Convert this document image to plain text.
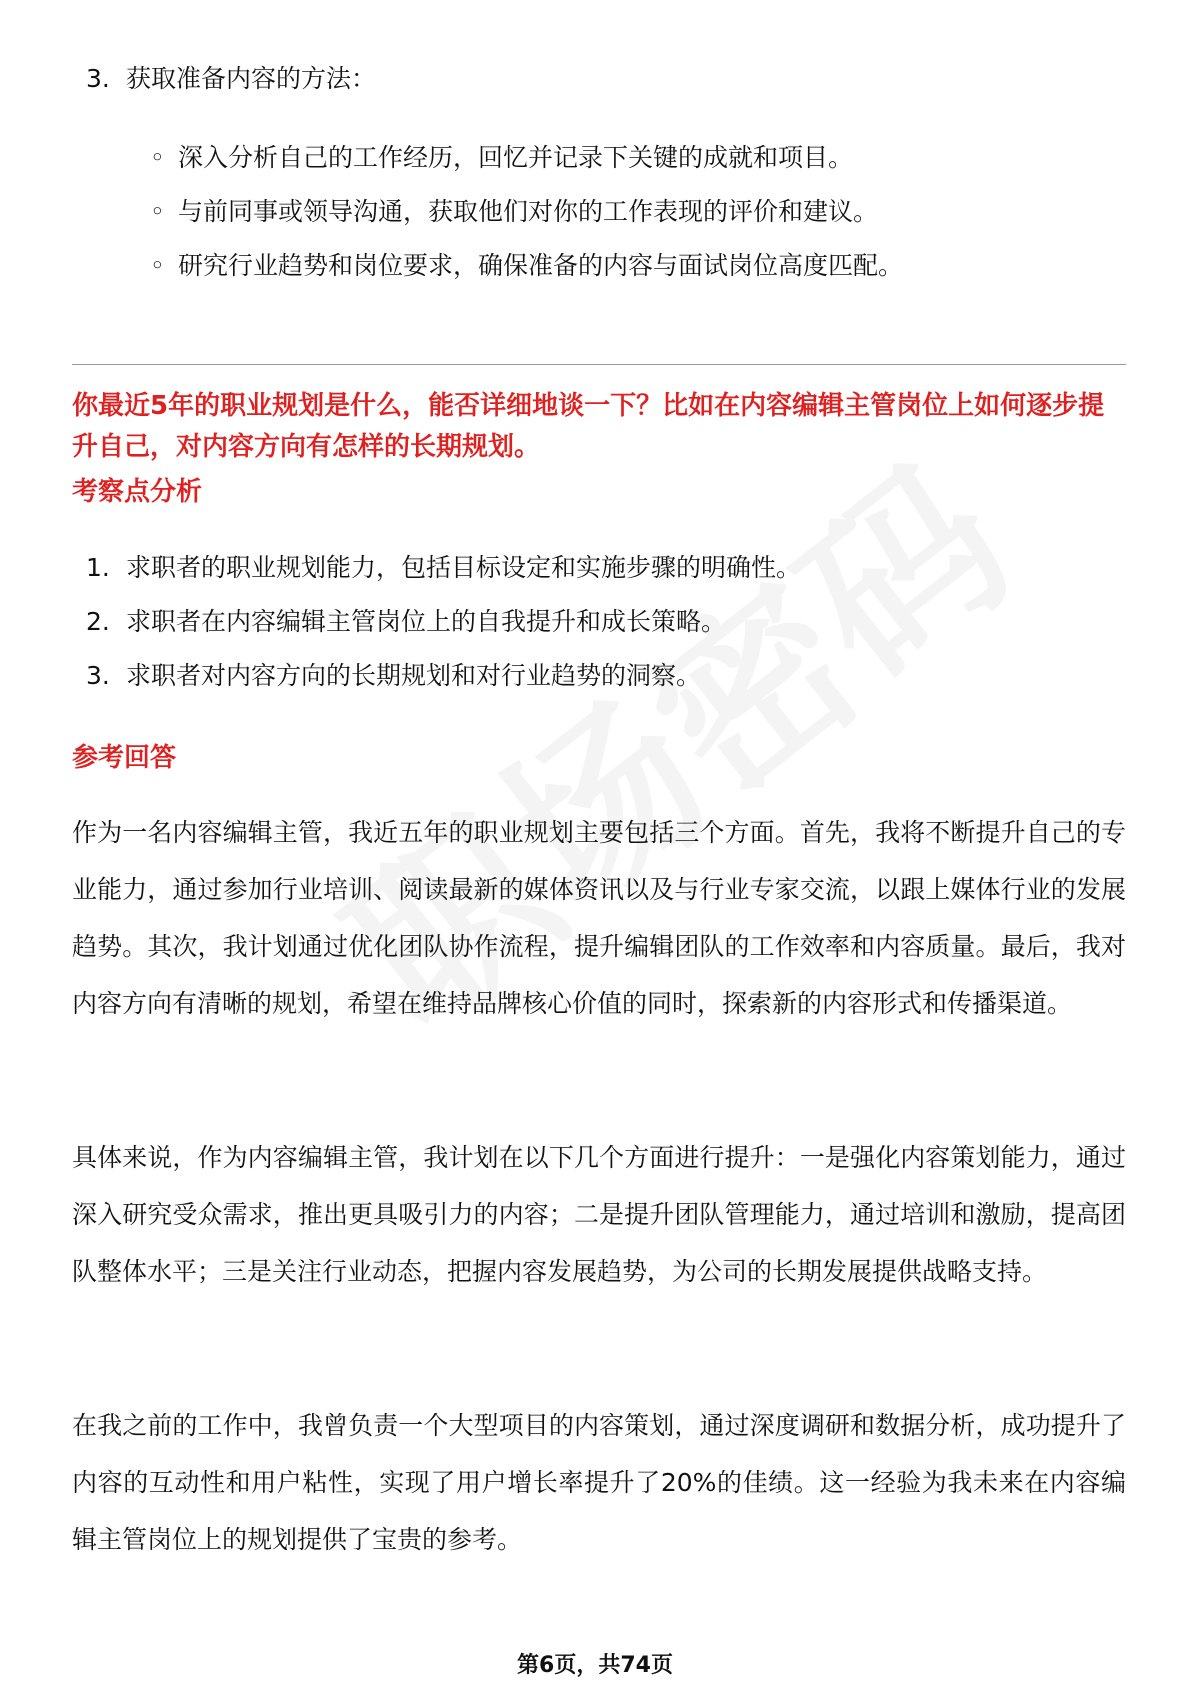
3. 获取准备内容的方法：
◦ 深入分析自己的工作经历，回忆并记录下关键的成就和项目。
◦ 与前同事或领导沟通，获取他们对你的工作表现的评价和建议。
◦ 研究行业趋势和岗位要求，确保准备的内容与面试岗位高度匹配。
你最近5年的职业规划是什么，能否详细地谈一下？比如在内容编辑主管岗位上如何逐步提升自己，对内容方向有怎样的长期规划。
考察点分析
1. 求职者的职业规划能力，包括目标设定和实施步骤的明确性。
2. 求职者在内容编辑主管岗位上的自我提升和成长策略。
3. 求职者对内容方向的长期规划和对行业趋势的洞察。
参考回答
作为一名内容编辑主管，我近五年的职业规划主要包括三个方面。首先，我将不断提升自己的专业能力，通过参加行业培训、阅读最新的媒体资讯以及与行业专家交流，以跟上媒体行业的发展趋势。其次，我计划通过优化团队协作流程，提升编辑团队的工作效率和内容质量。最后，我对内容方向有清晰的规划，希望在维持品牌核心价值的同时，探索新的内容形式和传播渠道。
具体来说，作为内容编辑主管，我计划在以下几个方面进行提升：一是强化内容策划能力，通过深入研究受众需求，推出更具吸引力的内容；二是提升团队管理能力，通过培训和激励，提高团队整体水平；三是关注行业动态，把握内容发展趋势，为公司的长期发展提供战略支持。
在我之前的工作中，我曾负责一个大型项目的内容策划，通过深度调研和数据分析，成功提升了内容的互动性和用户粘性，实现了用户增长率提升了20%的佳绩。这一经验为我未来在内容编辑主管岗位上的规划提供了宝贵的参考。
第6页，共74页
